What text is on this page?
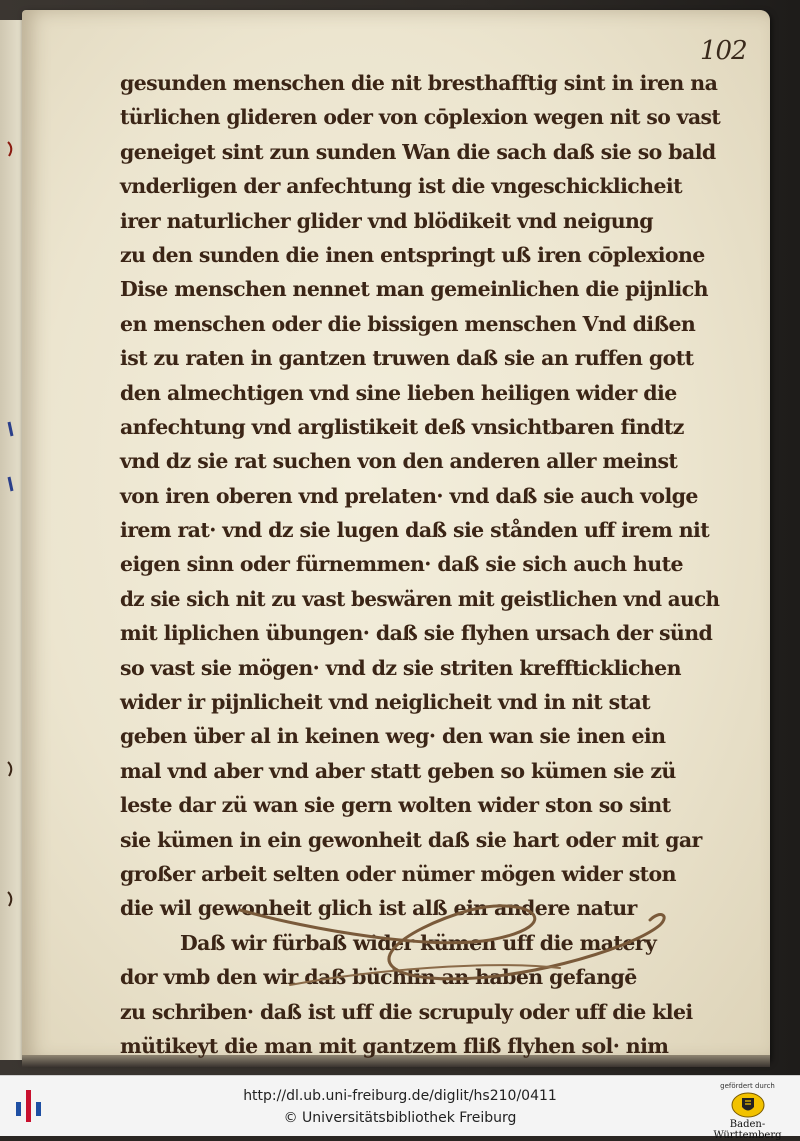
102
gesunden menschen die nit bresthafftig sint in iren na
türlichen glideren oder von cōplexion wegen nit so vast
geneiget sint zun sunden Wan die sach daß sie so bald
vnderligen der anfechtung ist die vngeschicklicheit
irer naturlicher glider vnd blödikeit vnd neigung
zu den sunden die inen entspringt uß iren cōplexione
Dise menschen nennet man gemeinlichen die pijnlich
en menschen oder die bissigen menschen Vnd dißen
ist zu raten in gantzen truwen daß sie an ruffen gott
den almechtigen vnd sine lieben heiligen wider die
anfechtung vnd arglistikeit deß vnsichtbaren findtz
vnd dz sie rat suchen von den anderen aller meinst
von iren oberen vnd prelaten· vnd daß sie auch volge
irem rat· vnd dz sie lugen daß sie stånden uff irem nit
eigen sinn oder fürnemmen· daß sie sich auch hute
dz sie sich nit zu vast beswären mit geistlichen vnd auch
mit liplichen übungen· daß sie flyhen ursach der sünd
so vast sie mögen· vnd dz sie striten kreffticklichen
wider ir pijnlicheit vnd neiglicheit vnd in nit stat
geben über al in keinen weg· den wan sie inen ein
mal vnd aber vnd aber statt geben so kümen sie zü
leste dar zü wan sie gern wolten wider ston so sint
sie kümen in ein gewonheit daß sie hart oder mit gar
großer arbeit selten oder nümer mögen wider ston
die wil gewonheit glich ist alß ein andere natur
Daß wir fürbaß wider kümen uff die matery
dor vmb den wir daß büchlin an haben gefangē
zu schriben· daß ist uff die scrupuly oder uff die klei
mütikeyt die man mit gantzem fliß flyhen sol· nim
http://dl.ub.uni-freiburg.de/diglit/hs210/0411
© Universitätsbibliothek Freiburg
gefördert durch
Baden-Württemberg
